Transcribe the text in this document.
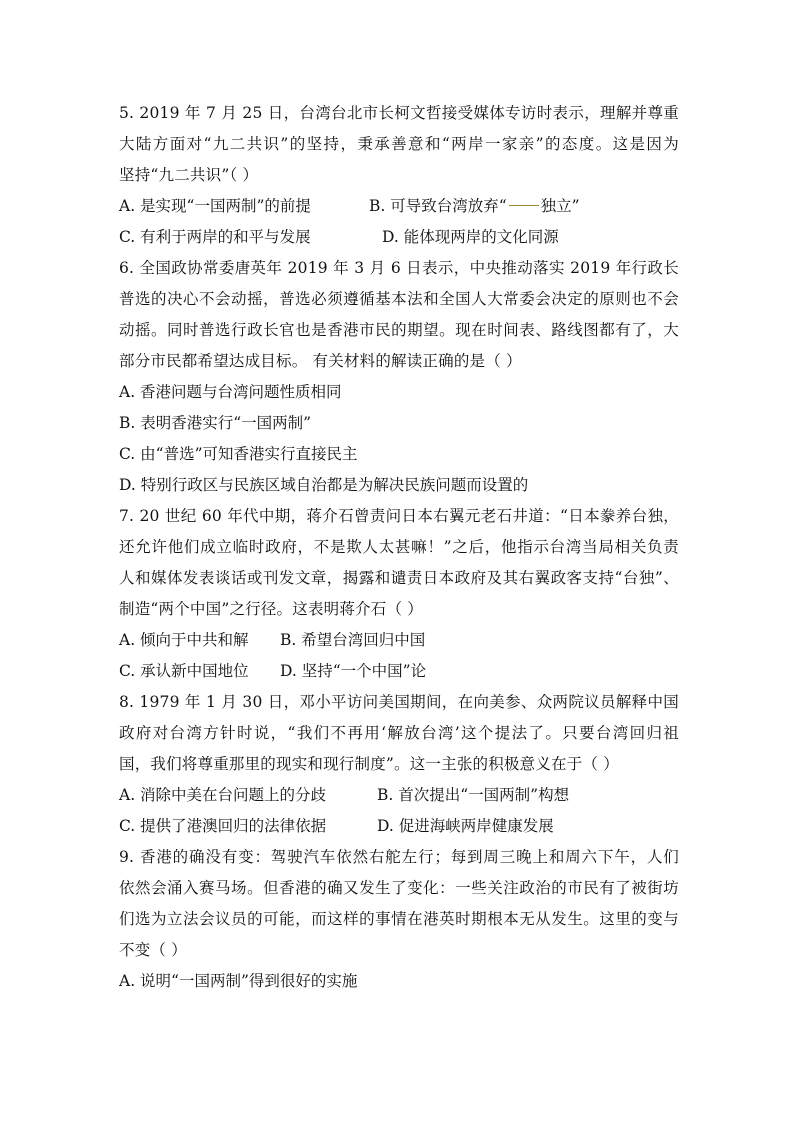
5. 2019 年 7 月 25 日，台湾台北市长柯文哲接受媒体专访时表示，理解并尊重
大陆方面对“九二共识”的坚持，秉承善意和“两岸一家亲”的态度。这是因为
坚持“九二共识”（ ）
A. 是实现“一国两制”的前提	B. 可导致台湾放弃“ 独立”
C. 有利于两岸的和平与发展	D. 能体现两岸的文化同源
6. 全国政协常委唐英年 2019 年 3 月 6 日表示，中央推动落实 2019 年行政长
普选的决心不会动摇，普选必须遵循基本法和全国人大常委会决定的原则也不会
动摇。同时普选行政长官也是香港市民的期望。现在时间表、路线图都有了，大
部分市民都希望达成目标。 有关材料的解读正确的是（ ）
A. 香港问题与台湾问题性质相同
B. 表明香港实行“一国两制”
C. 由“普选”可知香港实行直接民主
D. 特别行政区与民族区域自治都是为解决民族问题而设置的
7. 20 世纪 60 年代中期，蒋介石曾责问日本右翼元老石井道：“日本豢养台独，
还允许他们成立临时政府，不是欺人太甚嘛！”之后，他指示台湾当局相关负责
人和媒体发表谈话或刊发文章，揭露和谴责日本政府及其右翼政客支持“台独”、
制造“两个中国”之行径。这表明蒋介石（ ）
A. 倾向于中共和解 B. 希望台湾回归中国
C. 承认新中国地位 D. 坚持“一个中国”论
8. 1979 年 1 月 30 日，邓小平访问美国期间，在向美参、众两院议员解释中国
政府对台湾方针时说，“我们不再用‘解放台湾’这个提法了。只要台湾回归祖
国，我们将尊重那里的现实和现行制度”。这一主张的积极意义在于（ ）
A. 消除中美在台问题上的分歧	B. 首次提出“一国两制”构想
C. 提供了港澳回归的法律依据	D. 促进海峡两岸健康发展
9. 香港的确没有变：驾驶汽车依然右舵左行；每到周三晚上和周六下午，人们
依然会涌入赛马场。但香港的确又发生了变化：一些关注政治的市民有了被街坊
们选为立法会议员的可能，而这样的事情在港英时期根本无从发生。这里的变与
不变（ ）
A. 说明“一国两制”得到很好的实施
